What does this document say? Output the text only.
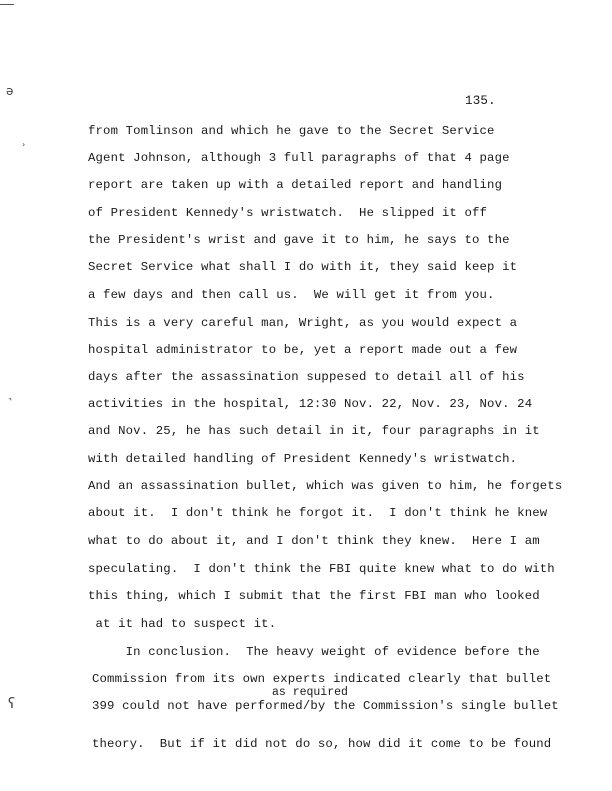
ǝ
›
˺
ʕ
135.
from Tomlinson and which he gave to the Secret Service
Agent Johnson, although 3 full paragraphs of that 4 page
report are taken up with a detailed report and handling
of President Kennedy's wristwatch.  He slipped it off
the President's wrist and gave it to him, he says to the
Secret Service what shall I do with it, they said keep it
a few days and then call us.  We will get it from you.
This is a very careful man, Wright, as you would expect a
hospital administrator to be, yet a report made out a few
days after the assassination suppesed to detail all of his
activities in the hospital, 12:30 Nov. 22, Nov. 23, Nov. 24
and Nov. 25, he has such detail in it, four paragraphs in it
with detailed handling of President Kennedy's wristwatch.
And an assassination bullet, which was given to him, he forgets
about it.  I don't think he forgot it.  I don't think he knew
what to do about it, and I don't think they knew.  Here I am
speculating.  I don't think the FBI quite knew what to do with
this thing, which I submit that the first FBI man who looked
at it had to suspect it.
In conclusion.  The heavy weight of evidence before the
Commission from its own experts indicated clearly that bullet
as required
399 could not have performed/by the Commission's single bullet
theory.  But if it did not do so, how did it come to be found
